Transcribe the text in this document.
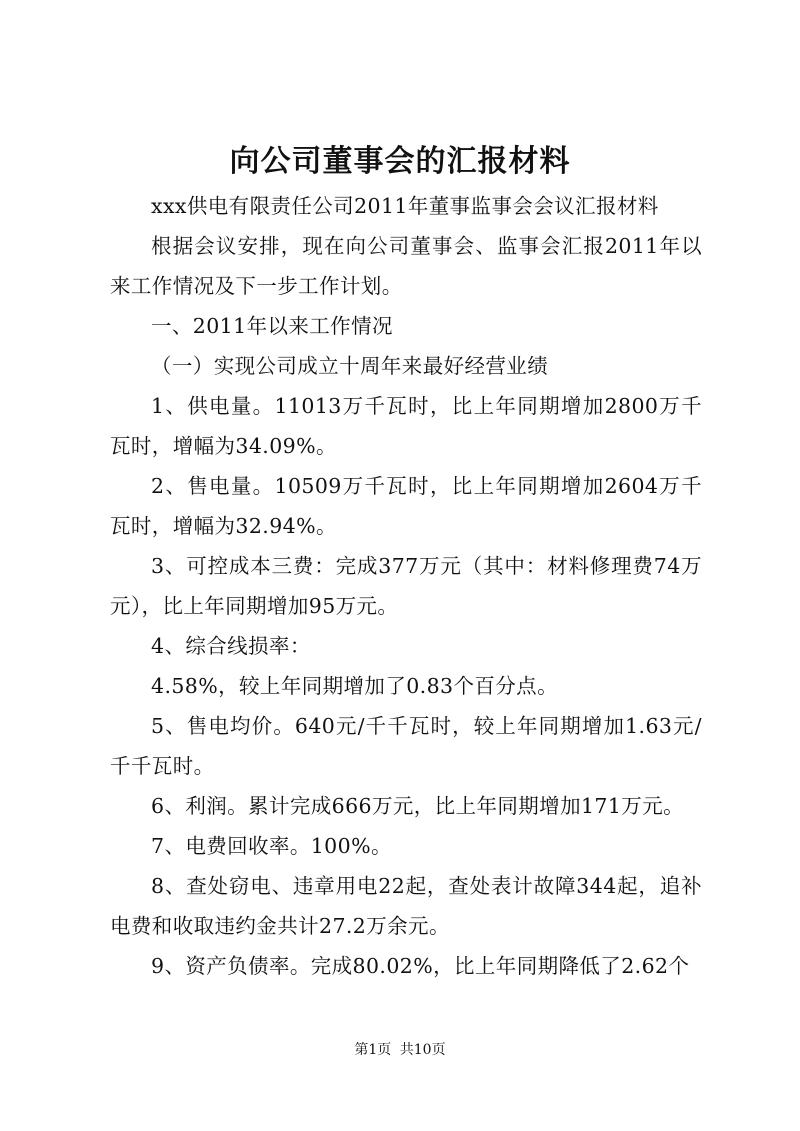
向公司董事会的汇报材料

xxx供电有限责任公司2011年董事监事会会议汇报材料

根据会议安排，现在向公司董事会、监事会汇报2011年以来工作情况及下一步工作计划。

一、2011年以来工作情况

（一）实现公司成立十周年来最好经营业绩

1、供电量。11013万千瓦时，比上年同期增加2800万千瓦时，增幅为34.09%。

2、售电量。10509万千瓦时，比上年同期增加2604万千瓦时，增幅为32.94%。

3、可控成本三费：完成377万元（其中：材料修理费74万元），比上年同期增加95万元。

4、综合线损率：

4.58%，较上年同期增加了0.83个百分点。

5、售电均价。640元/千千瓦时，较上年同期增加1.63元/千千瓦时。

6、利润。累计完成666万元，比上年同期增加171万元。

7、电费回收率。100%。

8、查处窃电、违章用电22起，查处表计故障344起，追补电费和收取违约金共计27.2万余元。

9、资产负债率。完成80.02%，比上年同期降低了2.62个

第1页 共10页
